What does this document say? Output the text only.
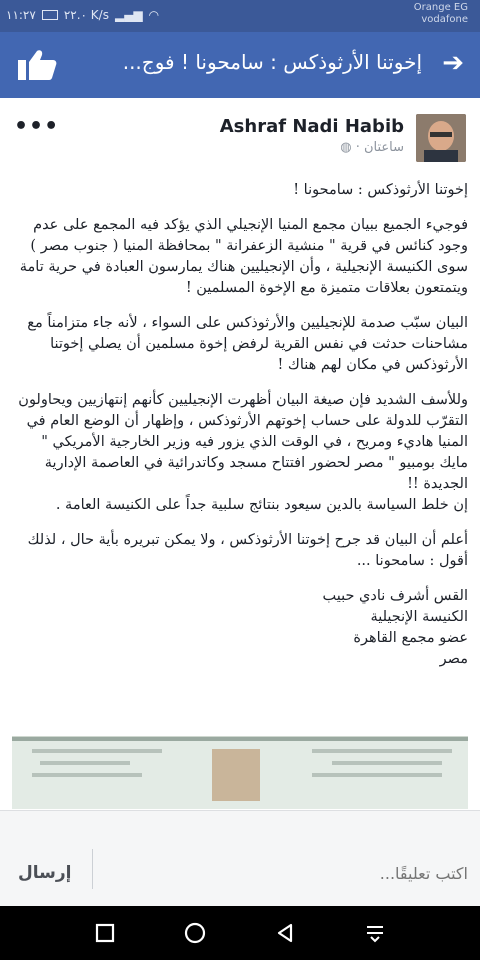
١١:٢٧ ٢٢.٠ K/s ▂▄▆ ◠
Orange EG
vodafone
إخوتنا الأرثوذكس : سامحونا ! فوج... ➔
Ashraf Nadi Habib
ساعتان · ◍
•••

إخوتنا الأرثوذكس : سامحونا !

فوجيء الجميع ببيان مجمع المنيا الإنجيلي الذي يؤكد فيه المجمع على عدم وجود كنائس في قرية " منشية الزعفرانة " بمحافظة المنيا ( جنوب مصر ) سوى الكنيسة الإنجيلية ، وأن الإنجيليين هناك يمارسون العبادة في حرية تامة ويتمتعون بعلاقات متميزة مع الإخوة المسلمين !

البيان سبّب صدمة للإنجيليين والأرثوذكس على السواء ، لأنه جاء متزامناً مع مشاحنات حدثت في نفس القرية لرفض إخوة مسلمين أن يصلي إخوتنا الأرثوذكس في مكان لهم هناك !

وللأسف الشديد فإن صيغة البيان أظهرت الإنجيليين كأنهم إنتهازيين ويحاولون التقرّب للدولة على حساب إخوتهم الأرثوذكس ، وإظهار أن الوضع العام في المنيا هاديء ومريح ، في الوقت الذي يزور فيه وزير الخارجية الأمريكي " مايك بومبيو " مصر لحضور افتتاح مسجد وكاتدرائية في العاصمة الإدارية الجديدة !!

إن خلط السياسة بالدين سيعود بنتائج سلبية جداً على الكنيسة العامة .

أعلم أن البيان قد جرح إخوتنا الأرثوذكس ، ولا يمكن تبريره بأية حال ، لذلك أقول : سامحونا ...

القس أشرف نادي حبيب

الكنيسة الإنجيلية

عضو مجمع القاهرة

مصر

إرسال
اكتب تعليقًا...
